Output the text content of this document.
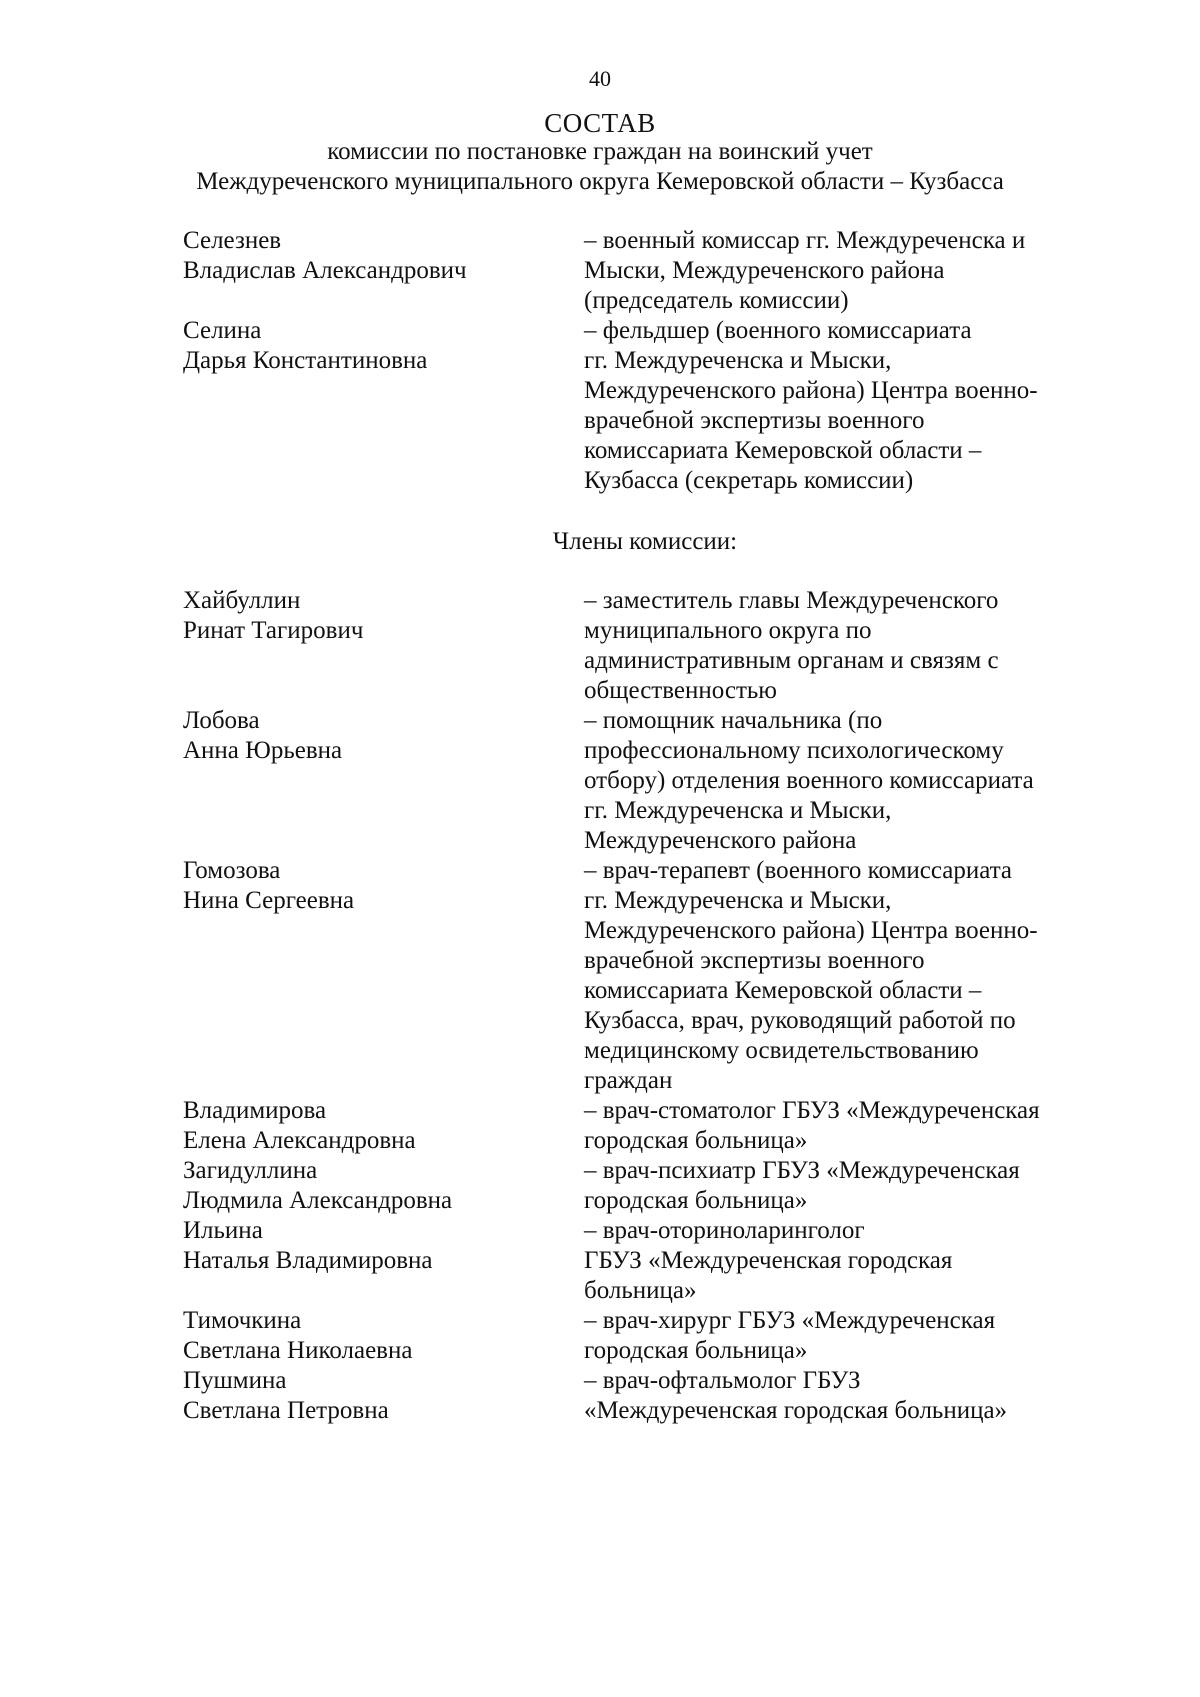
40
СОСТАВ
комиссии по постановке граждан на воинский учет
Междуреченского муниципального округа Кемеровской области – Кузбасса
Селезнев
Владислав Александрович
– военный комиссар гг. Междуреченска и
Мыски, Междуреченского района
(председатель комиссии)
Селина
Дарья Константиновна
– фельдшер (военного комиссариата
гг. Междуреченска и Мыски,
Междуреченского района) Центра военно-
врачебной экспертизы военного
комиссариата Кемеровской области –
Кузбасса (секретарь комиссии)
Члены комиссии:
Хайбуллин
Ринат Тагирович
– заместитель главы Междуреченского
муниципального округа по
административным органам и связям с
общественностью
Лобова
Анна Юрьевна
– помощник начальника (по
профессиональному психологическому
отбору) отделения военного комиссариата
гг. Междуреченска и Мыски,
Междуреченского района
Гомозова
Нина Сергеевна
– врач-терапевт (военного комиссариата
гг. Междуреченска и Мыски,
Междуреченского района) Центра военно-
врачебной экспертизы военного
комиссариата Кемеровской области –
Кузбасса, врач, руководящий работой по
медицинскому освидетельствованию
граждан
Владимирова
Елена Александровна
– врач-стоматолог ГБУЗ «Междуреченская
городская больница»
Загидуллина
Людмила Александровна
– врач-психиатр ГБУЗ «Междуреченская
городская больница»
Ильина
Наталья Владимировна
– врач-оториноларинголог
ГБУЗ «Междуреченская городская
больница»
Тимочкина
Светлана Николаевна
– врач-хирург ГБУЗ «Междуреченская
городская больница»
Пушмина
Светлана Петровна
– врач-офтальмолог ГБУЗ
«Междуреченская городская больница»
